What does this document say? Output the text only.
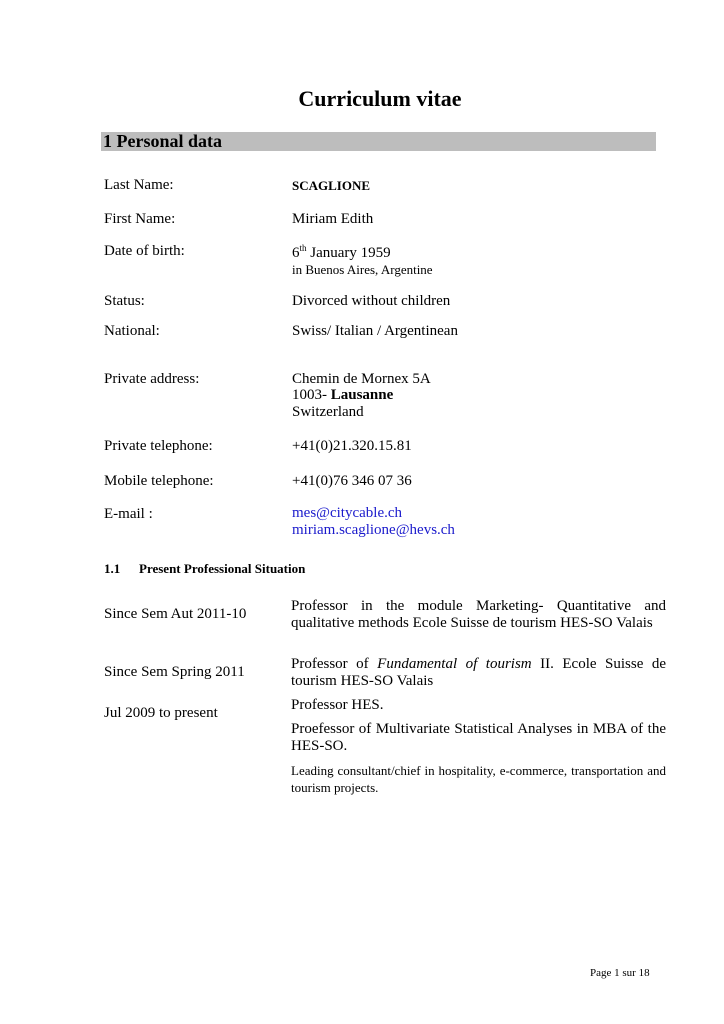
Curriculum vitae
1 Personal data
Last Name:	SCAGLIONE
First Name:	Miriam Edith
Date of birth:	6th January 1959
in Buenos Aires, Argentine
Status:	Divorced without children
National:	Swiss/ Italian / Argentinean
Private address:	Chemin de Mornex 5A
1003- Lausanne
Switzerland
Private telephone:	+41(0)21.320.15.81
Mobile telephone:	+41(0)76 346 07 36
E-mail :	mes@citycable.ch
miriam.scaglione@hevs.ch
1.1 Present Professional Situation
Since Sem Aut 2011-10	Professor in the module Marketing- Quantitative and qualitative methods Ecole Suisse de tourism HES-SO Valais
Since Sem Spring 2011	Professor of Fundamental of tourism II. Ecole Suisse de tourism HES-SO Valais
Jul 2009 to present	Professor HES.
Proefessor of Multivariate Statistical Analyses in MBA of the HES-SO.
Leading consultant/chief in hospitality, e-commerce, transportation and tourism projects.
Page 1 sur 18
